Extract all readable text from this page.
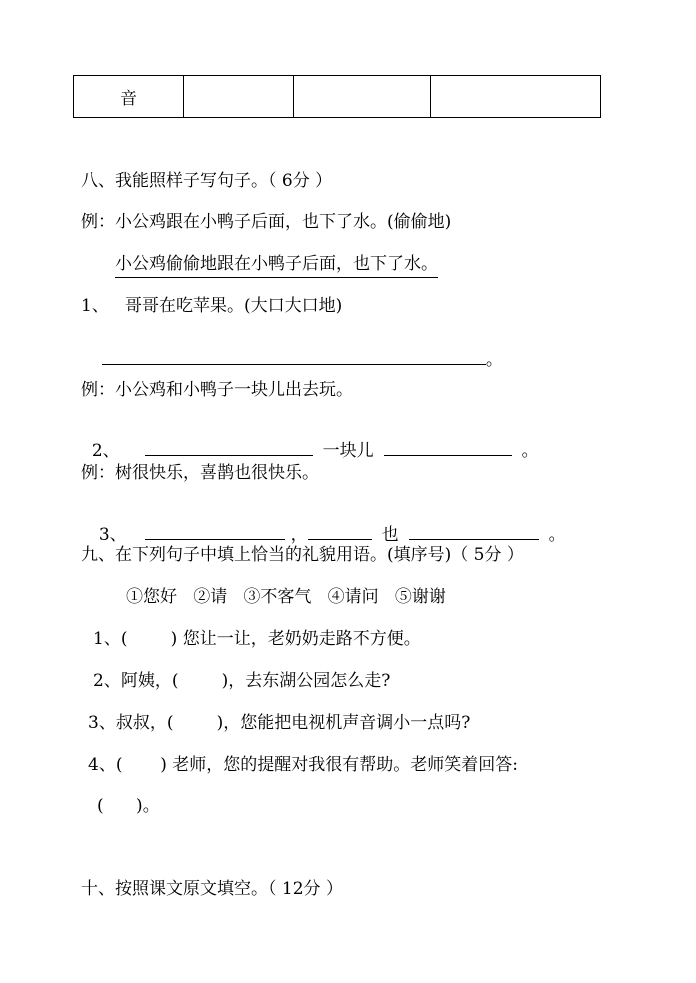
音			
八、我能照样子写句子。（ 6分 ）
例：小公鸡跟在小鸭子后面，也下了水。(偷偷地)
小公鸡偷偷地跟在小鸭子后面，也下了水。
1、   哥哥在吃苹果。(大口大口地)

。

例：小公鸡和小鸭子一块儿出去玩。

2、	一块儿	。

例：树很快乐，喜鹊也很快乐。

3、	，	也	。

九、在下列句子中填上恰当的礼貌用语。(填序号)（ 5分 ）
①您好   ②请   ③不客气   ④请问   ⑤谢谢
1、(        ) 您让一让，老奶奶走路不方便。
2、阿姨，(        )，去东湖公园怎么走?
3、叔叔，(        )，您能把电视机声音调小一点吗?
4、(       ) 老师，您的提醒对我很有帮助。老师笑着回答:
(      )。
十、按照课文原文填空。（ 12分 ）
